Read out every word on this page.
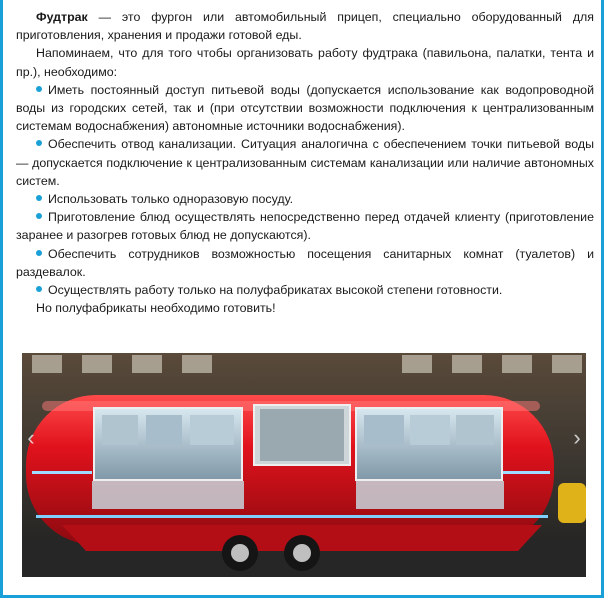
Фудтрак — это фургон или автомобильный прицеп, специально оборудованный для приготовления, хранения и продажи готовой еды.

Напоминаем, что для того чтобы организовать работу фудтрака (павильона, палатки, тента и пр.), необходимо:

Иметь постоянный доступ питьевой воды (допускается использование как водопроводной воды из городских сетей, так и (при отсутствии возможности подключения к централизованным системам водоснабжения) автономные источники водоснабжения).

Обеспечить отвод канализации. Ситуация аналогична с обеспечением точки питьевой воды — допускается подключение к централизованным системам канализации или наличие автономных систем.

Использовать только одноразовую посуду.

Приготовление блюд осуществлять непосредственно перед отдачей клиенту (приготовление заранее и разогрев готовых блюд не допускаются).

Обеспечить сотрудников возможностью посещения санитарных комнат (туалетов) и раздевалок.

Осуществлять работу только на полуфабрикатах высокой степени готовности.

Но полуфабрикаты необходимо готовить!

‹	›
